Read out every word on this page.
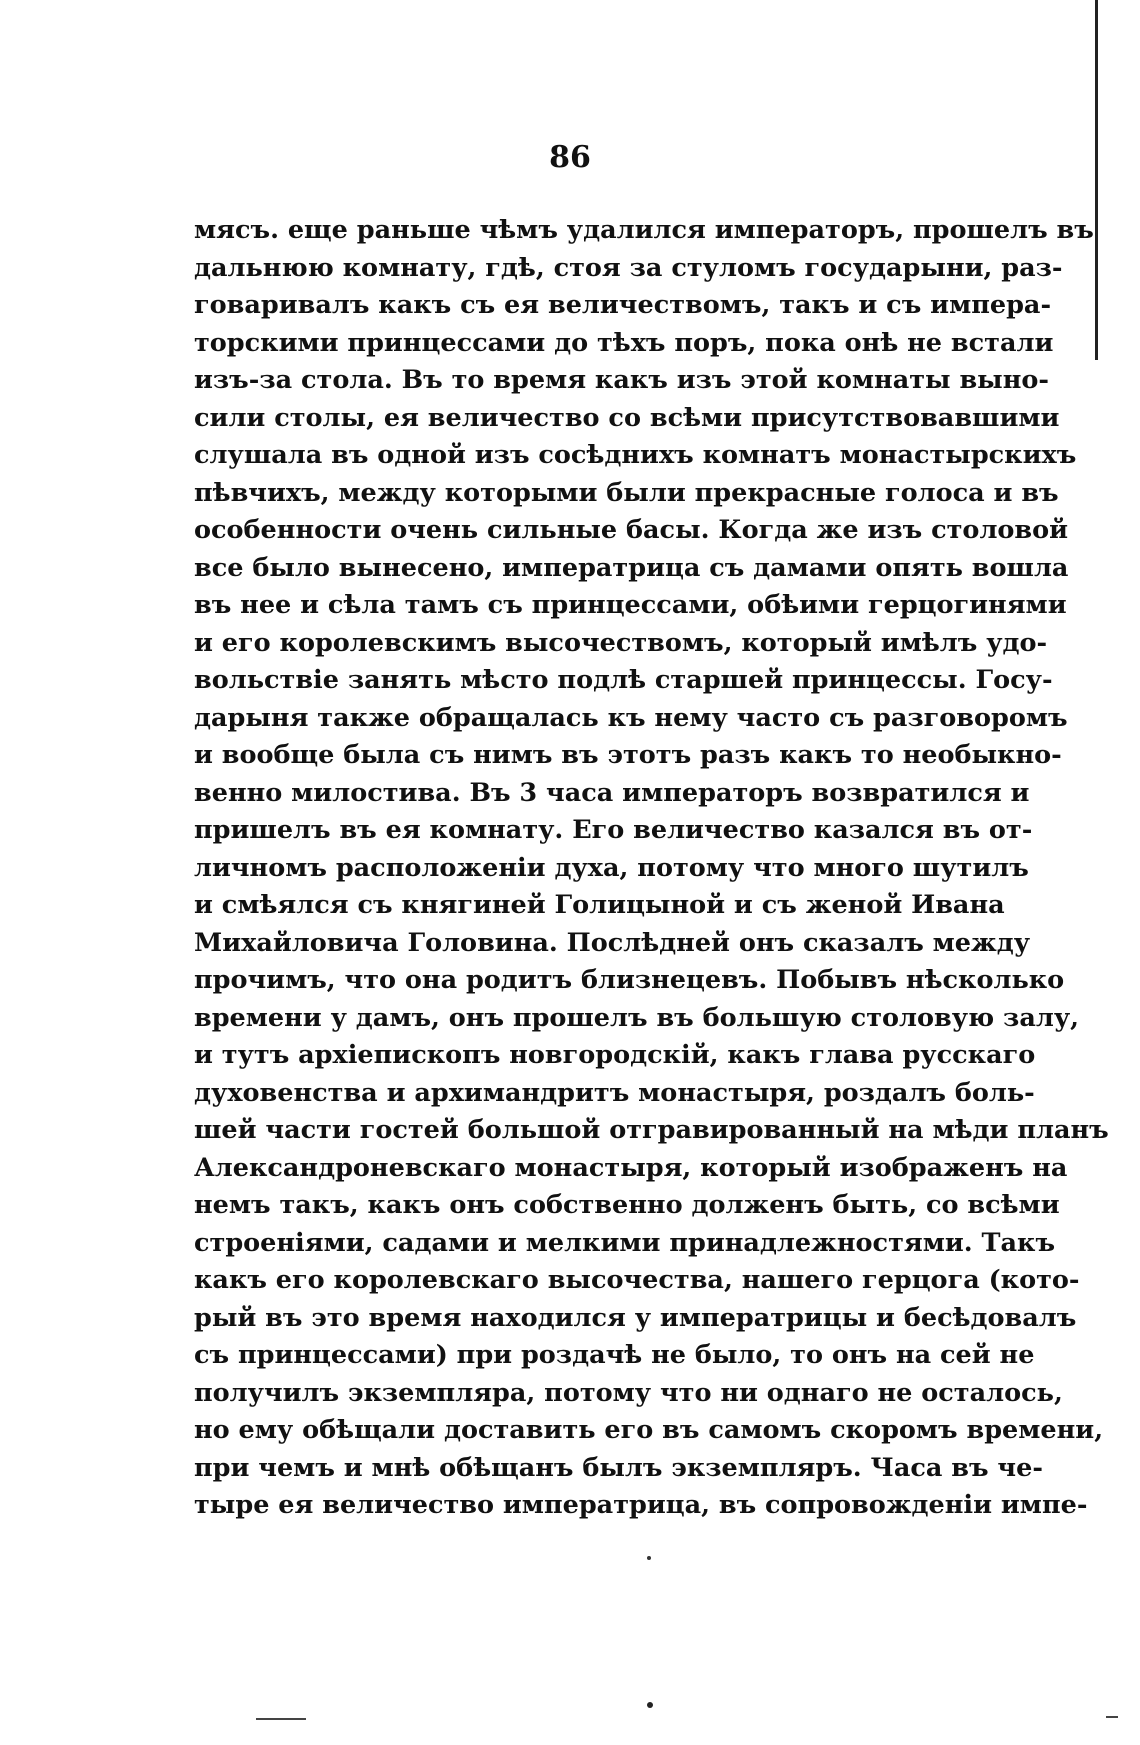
86
мясъ. еще раньше чѣмъ удалился императоръ, прошелъ въ
дальнюю комнату, гдѣ, стоя за стуломъ государыни, раз-
говаривалъ какъ съ ея величествомъ, такъ и съ импера-
торскими принцессами до тѣхъ поръ, пока онѣ не встали
изъ-за стола. Въ то время какъ изъ этой комнаты выно-
сили столы, ея величество со всѣми присутствовавшими
слушала въ одной изъ сосѣднихъ комнатъ монастырскихъ
пѣвчихъ, между которыми были прекрасные голоса и въ
особенности очень сильные басы. Когда же изъ столовой
все было вынесено, императрица съ дамами опять вошла
въ нее и сѣла тамъ съ принцессами, обѣими герцогинями
и его королевскимъ высочествомъ, который имѣлъ удо-
вольствіе занять мѣсто подлѣ старшей принцессы. Госу-
дарыня также обращалась къ нему часто съ разговоромъ
и вообще была съ нимъ въ этотъ разъ какъ то необыкно-
венно милостива. Въ 3 часа императоръ возвратился и
пришелъ въ ея комнату. Его величество казался въ от-
личномъ расположеніи духа, потому что много шутилъ
и смѣялся съ княгиней Голицыной и съ женой Ивана
Михайловича Головина. Послѣдней онъ сказалъ между
прочимъ, что она родитъ близнецевъ. Побывъ нѣсколько
времени у дамъ, онъ прошелъ въ большую столовую залу,
и тутъ архіепископъ новгородскій, какъ глава русскаго
духовенства и архимандритъ монастыря, роздалъ боль-
шей части гостей большой отгравированный на мѣди планъ
Александроневскаго монастыря, который изображенъ на
немъ такъ, какъ онъ собственно долженъ быть, со всѣми
строеніями, садами и мелкими принадлежностями. Такъ
какъ его королевскаго высочества, нашего герцога (кото-
рый въ это время находился у императрицы и бесѣдовалъ
съ принцессами) при роздачѣ не было, то онъ на сей не
получилъ экземпляра, потому что ни однаго не осталось,
но ему обѣщали доставить его въ самомъ скоромъ времени,
при чемъ и мнѣ обѣщанъ былъ экземпляръ. Часа въ че-
тыре ея величество императрица, въ сопровожденіи импе-
